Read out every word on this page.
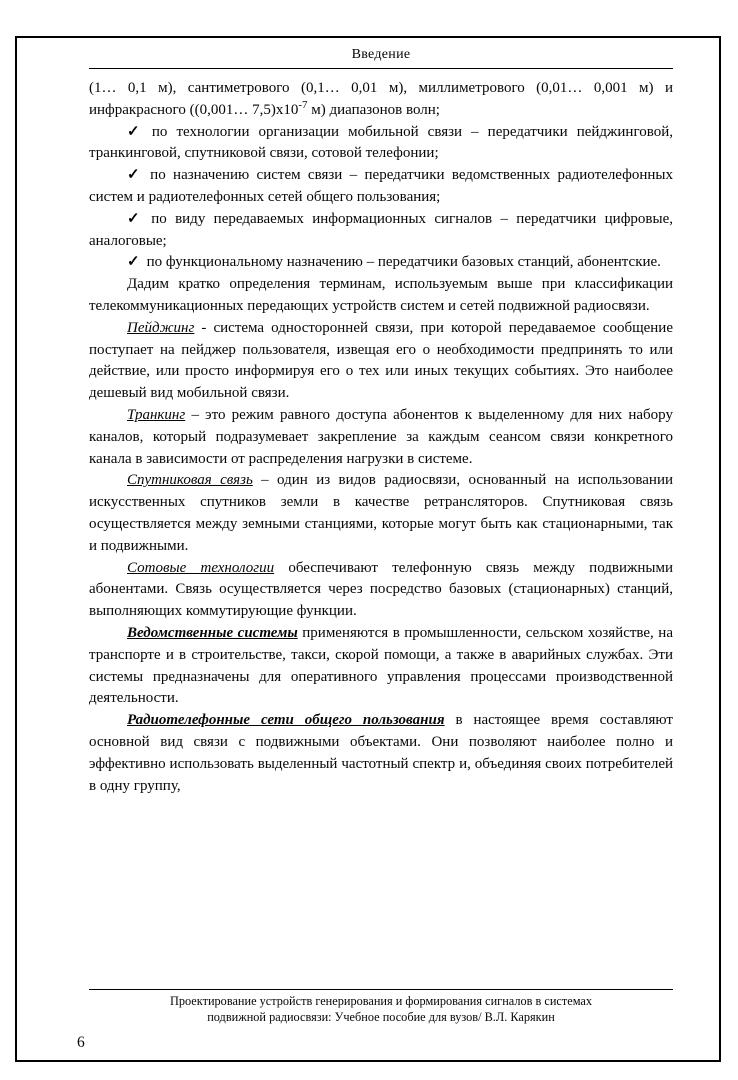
Введение

(1… 0,1 м), сантиметрового (0,1… 0,01 м), миллиметрового (0,01… 0,001 м) и инфракрасного ((0,001… $7,5)х10^{-7}$ м) диапазонов волн;

✓ по технологии организации мобильной связи – передатчики пейджинговой, транкинговой, спутниковой связи, сотовой телефонии;

✓ по назначению систем связи – передатчики ведомственных радиотелефонных систем и радиотелефонных сетей общего пользования;

✓ по виду передаваемых информационных сигналов – передатчики цифровые, аналоговые;

✓ по функциональному назначению – передатчики базовых станций, абонентские.

Дадим кратко определения терминам, используемым выше при классификации телекоммуникационных передающих устройств систем и сетей подвижной радиосвязи.

Пейджинг - система односторонней связи, при которой передаваемое сообщение поступает на пейджер пользователя, извещая его о необходимости предпринять то или действие, или просто информируя его о тех или иных текущих событиях. Это наиболее дешевый вид мобильной связи.

Транкинг – это режим равного доступа абонентов к выделенному для них набору каналов, который подразумевает закрепление за каждым сеансом связи конкретного канала в зависимости от распределения нагрузки в системе.

Спутниковая связь – один из видов радиосвязи, основанный на использовании искусственных спутников земли в качестве ретрансляторов. Спутниковая связь осуществляется между земными станциями, которые могут быть как стационарными, так и подвижными.

Сотовые технологии обеспечивают телефонную связь между подвижными абонентами. Связь осуществляется через посредство базовых (стационарных) станций, выполняющих коммутирующие функции.

Ведомственные системы применяются в промышленности, сельском хозяйстве, на транспорте и в строительстве, такси, скорой помощи, а также в аварийных службах. Эти системы предназначены для оперативного управления процессами производственной деятельности.

Радиотелефонные сети общего пользования в настоящее время составляют основной вид связи с подвижными объектами. Они позволяют наиболее полно и эффективно использовать выделенный частотный спектр и, объединяя своих потребителей в одну группу,

Проектирование устройств генерирования и формирования сигналов в системах
подвижной радиосвязи: Учебное пособие для вузов/ В.Л. Карякин
6
